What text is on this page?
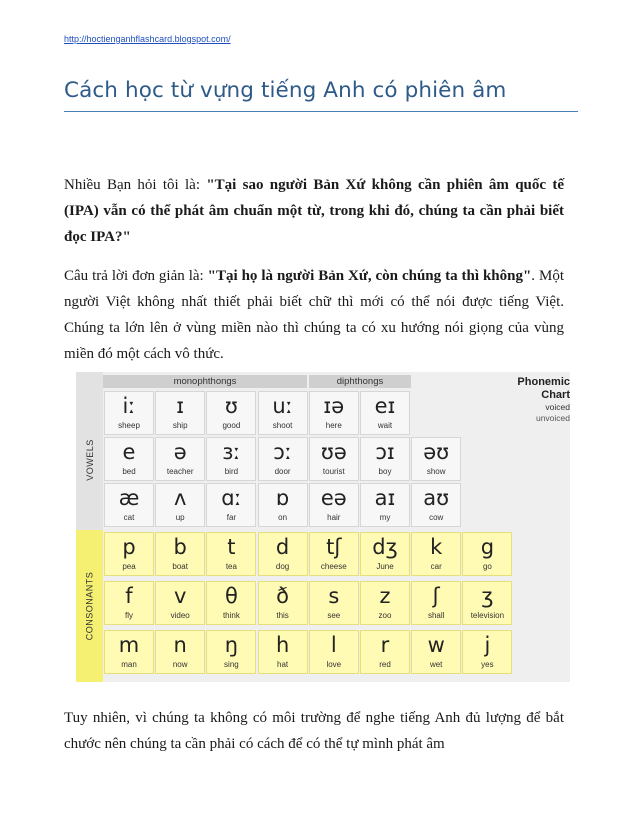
http://hoctienganhflashcard.blogspot.com/
Cách học từ vựng tiếng Anh có phiên âm
Nhiều Bạn hỏi tôi là: "Tại sao người Bản Xứ không cần phiên âm quốc tế (IPA) vẫn có thể phát âm chuẩn một từ, trong khi đó, chúng ta cần phải biết đọc IPA?"
Câu trả lời đơn giản là: "Tại họ là người Bản Xứ, còn chúng ta thì không". Một người Việt không nhất thiết phải biết chữ thì mới có thể nói được tiếng Việt. Chúng ta lớn lên ở vùng miền nào thì chúng ta có xu hướng nói giọng của vùng miền đó một cách vô thức.
VOWELS
CONSONANTS
monophthongs	diphthongs	Phonemic
Chart
voiced
unvoiced
iː
sheep
ɪ
ship
ʊ
good
uː
shoot
ɪə
here
eɪ
wait
e
bed
ə
teacher
ɜː
bird
ɔː
door
ʊə
tourist
ɔɪ
boy
əʊ
show
æ
cat
ʌ
up
ɑː
far
ɒ
on
eə
hair
aɪ
my
aʊ
cow
p
pea
b
boat
t
tea
d
dog
tʃ
cheese
dʒ
June
k
car
g
go
f
fly
v
video
θ
think
ð
this
s
see
z
zoo
ʃ
shall
ʒ
television
m
man
n
now
ŋ
sing
h
hat
l
love
r
red
w
wet
j
yes
Tuy nhiên, vì chúng ta không có môi trường để nghe tiếng Anh đủ lượng để bắt chước nên chúng ta cần phải có cách để có thể tự mình phát âm
